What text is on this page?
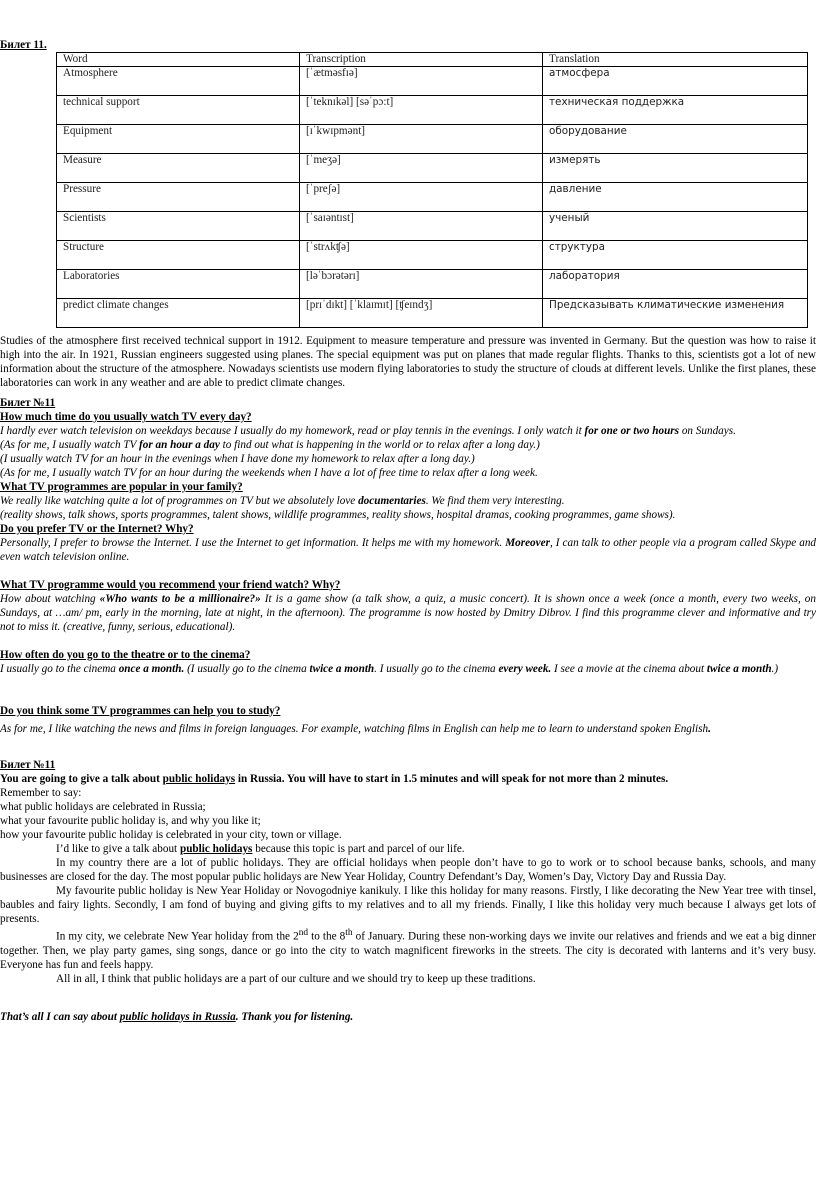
Билет 11.
Word	Transcription	Translation
Atmosphere	[ˈætməsfɪə]	атмосфера
technical support	[ˈteknɪkəl] [səˈpɔ:t]	техническая поддержка
Equipment	[ɪˈkwɪpmənt]	оборудование
Measure	[ˈmeʒə]	измерять
Pressure	[ˈpreʃə]	давление
Scientists	[ˈsaɪəntɪst]	ученый
Structure	[ˈstrʌkʧə]	структура
Laboratories	[ləˈbɔrətərɪ]	лаборатория
predict climate changes	[prɪˈdɪkt] [ˈklaɪmɪt] [ʧeɪndʒ]	Предсказывать климатические изменения
Studies of the atmosphere first received technical support in 1912. Equipment to measure temperature and pressure was invented in Germany. But the question was how to raise it high into the air. In 1921, Russian engineers suggested using planes. The special equipment was put on planes that made regular flights. Thanks to this, scientists got a lot of new information about the structure of the atmosphere. Nowadays scientists use modern flying laboratories to study the structure of clouds at different levels. Unlike the first planes, these laboratories can work in any weather and are able to predict climate changes.
Билет №11
How much time do you usually watch TV every day?
I hardly ever watch television on weekdays because I usually do my homework, read or play tennis in the evenings. I only watch it for one or two hours on Sundays.
(As for me, I usually watch TV for an hour a day to find out what is happening in the world or to relax after a long day.)
(I usually watch TV for an hour in the evenings when I have done my homework to relax after a long day.)
(As for me, I usually watch TV for an hour during the weekends when I have a lot of free time to relax after a long week.
What TV programmes are popular in your family?
We really like watching quite a lot of programmes on TV but we absolutely love documentaries. We find them very interesting.
(reality shows, talk shows, sports programmes, talent shows, wildlife programmes, reality shows, hospital dramas, cooking programmes, game shows).
Do you prefer TV or the Internet? Why?
Personally, I prefer to browse the Internet. I use the Internet to get information. It helps me with my homework. Moreover, I can talk to other people via a program called Skype and even watch television online.
What TV programme would you recommend your friend watch? Why?
How about watching «Who wants to be a millionaire?» It is a game show (a talk show, a quiz, a music concert). It is shown once a week (once a month, every two weeks, on Sundays, at …am/ pm, early in the morning, late at night, in the afternoon). The programme is now hosted by Dmitry Dibrov. I find this programme clever and informative and try not to miss it. (creative, funny, serious, educational).
How often do you go to the theatre or to the cinema?
I usually go to the cinema once a month. (I usually go to the cinema twice a month. I usually go to the cinema every week. I see a movie at the cinema about twice a month.)
Do you think some TV programmes can help you to study?
As for me, I like watching the news and films in foreign languages. For example, watching films in English can help me to learn to understand spoken English.
Билет №11
You are going to give a talk about public holidays in Russia. You will have to start in 1.5 minutes and will speak for not more than 2 minutes.
Remember to say:
what public holidays are celebrated in Russia;
what your favourite public holiday is, and why you like it;
how your favourite public holiday is celebrated in your city, town or village.
I’d like to give a talk about public holidays because this topic is part and parcel of our life.
In my country there are a lot of public holidays. They are official holidays when people don’t have to go to work or to school because banks, schools, and many businesses are closed for the day. The most popular public holidays are New Year Holiday, Country Defendant’s Day, Women’s Day, Victory Day and Russia Day.
My favourite public holiday is New Year Holiday or Novogodniye kanikuly. I like this holiday for many reasons. Firstly, I like decorating the New Year tree with tinsel, baubles and fairy lights. Secondly, I am fond of buying and giving gifts to my relatives and to all my friends. Finally, I like this holiday very much because I always get lots of presents.
In my city, we celebrate New Year holiday from the 2nd to the 8th of January. During these non-working days we invite our relatives and friends and we eat a big dinner together. Then, we play party games, sing songs, dance or go into the city to watch magnificent fireworks in the streets. The city is decorated with lanterns and it’s very busy. Everyone has fun and feels happy.
All in all, I think that public holidays are a part of our culture and we should try to keep up these traditions.
That’s all I can say about public holidays in Russia. Thank you for listening.
